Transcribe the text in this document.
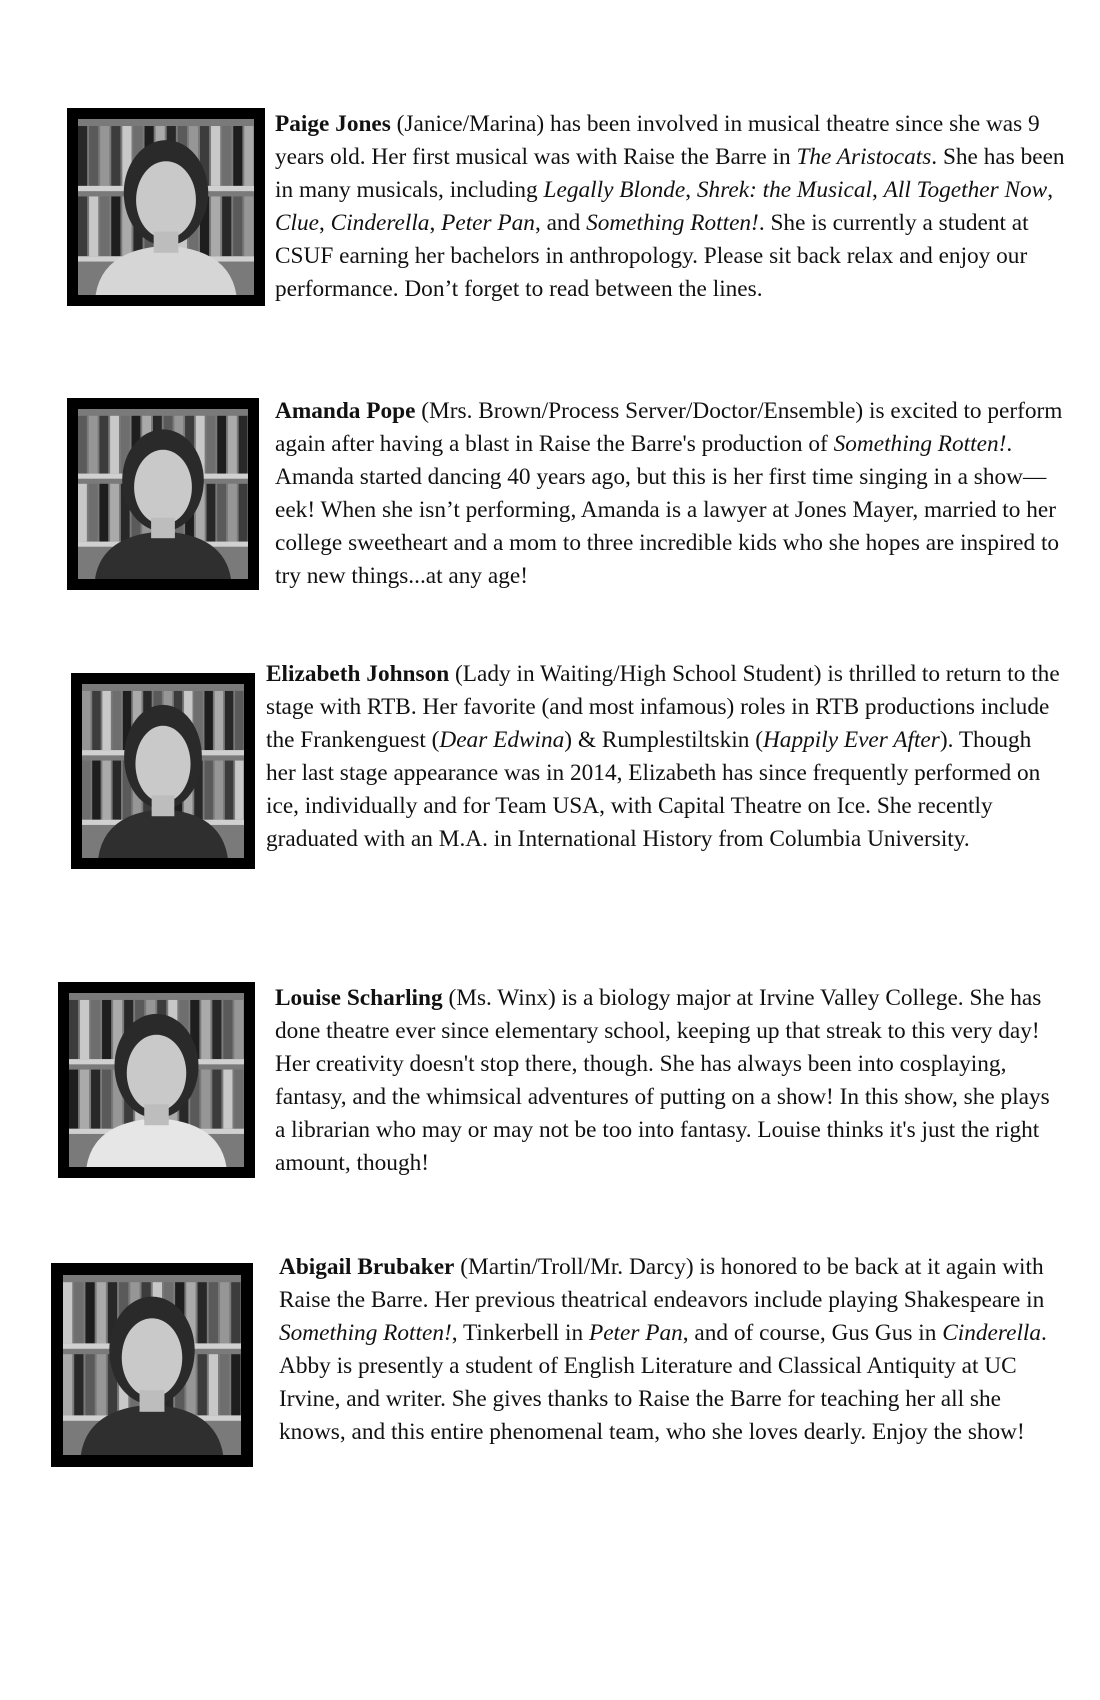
Paige Jones (Janice/Marina) has been involved in musical theatre since she was 9 years old. Her first musical was with Raise the Barre in The Aristocats. She has been in many musicals, including Legally Blonde, Shrek: the Musical, All Together Now, Clue, Cinderella, Peter Pan, and Something Rotten!. She is currently a student at CSUF earning her bachelors in anthropology. Please sit back relax and enjoy our performance. Don’t forget to read between the lines.

Amanda Pope (Mrs. Brown/Process Server/Doctor/Ensemble) is excited to perform again after having a blast in Raise the Barre's production of Something Rotten!. Amanda started dancing 40 years ago, but this is her first time singing in a show—eek! When she isn’t performing, Amanda is a lawyer at Jones Mayer, married to her college sweetheart and a mom to three incredible kids who she hopes are inspired to try new things...at any age!

Elizabeth Johnson (Lady in Waiting/High School Student) is thrilled to return to the stage with RTB. Her favorite (and most infamous) roles in RTB productions include the Frankenguest (Dear Edwina) & Rumplestiltskin (Happily Ever After). Though her last stage appearance was in 2014, Elizabeth has since frequently performed on ice, individually and for Team USA, with Capital Theatre on Ice. She recently graduated with an M.A. in International History from Columbia University.

Louise Scharling (Ms. Winx) is a biology major at Irvine Valley College. She has done theatre ever since elementary school, keeping up that streak to this very day! Her creativity doesn't stop there, though. She has always been into cosplaying, fantasy, and the whimsical adventures of putting on a show! In this show, she plays a librarian who may or may not be too into fantasy. Louise thinks it's just the right amount, though!

Abigail Brubaker (Martin/Troll/Mr. Darcy) is honored to be back at it again with Raise the Barre. Her previous theatrical endeavors include playing Shakespeare in Something Rotten!, Tinkerbell in Peter Pan, and of course, Gus Gus in Cinderella. Abby is presently a student of English Literature and Classical Antiquity at UC Irvine, and writer. She gives thanks to Raise the Barre for teaching her all she knows, and this entire phenomenal team, who she loves dearly. Enjoy the show!
